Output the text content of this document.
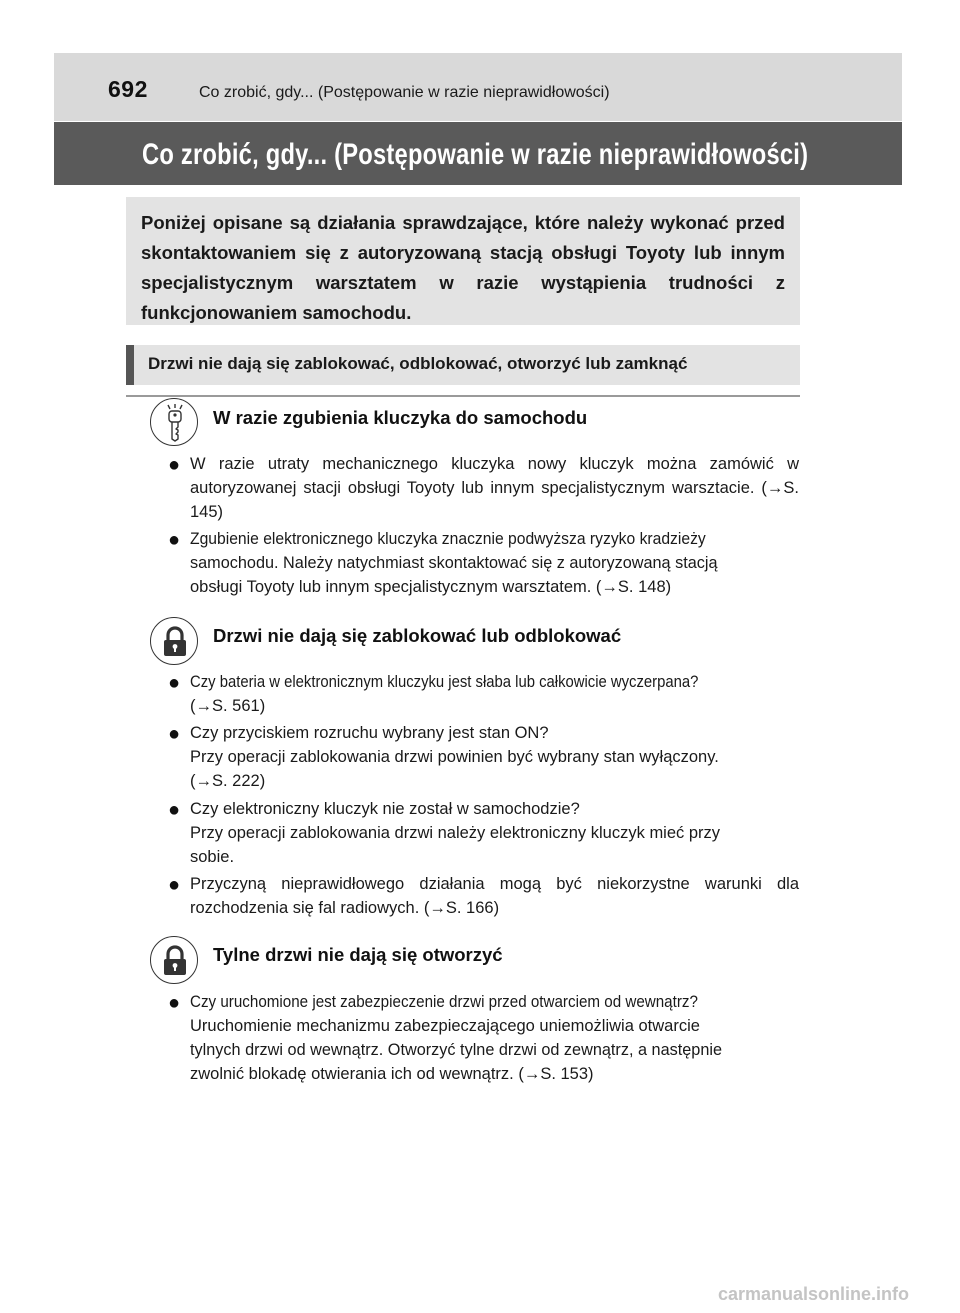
692	Co zrobić, gdy... (Postępowanie w razie nieprawidłowości)
Co zrobić, gdy... (Postępowanie w razie nieprawidłowości)
Poniżej opisane są działania sprawdzające, które należy wykonać przed skontaktowaniem się z autoryzowaną stacją obsługi Toyoty lub innym specjalistycznym warsztatem w razie wystąpienia trudności z funkcjonowaniem samochodu.
Drzwi nie dają się zablokować, odblokować, otworzyć lub zamknąć
W razie zgubienia kluczyka do samochodu
● W razie utraty mechanicznego kluczyka nowy kluczyk można zamówić w autoryzowanej stacji obsługi Toyoty lub innym specjalistycznym warsztacie. (→S. 145)

● Zgubienie elektronicznego kluczyka znacznie podwyższa ryzyko kradzieży
samochodu. Należy natychmiast skontaktować się z autoryzowaną stacją
obsługi Toyoty lub innym specjalistycznym warsztatem. (→S. 148)

Drzwi nie dają się zablokować lub odblokować
● Czy bateria w elektronicznym kluczyku jest słaba lub całkowicie wyczerpana?
(→S. 561)

● Czy przyciskiem rozruchu wybrany jest stan ON?
Przy operacji zablokowania drzwi powinien być wybrany stan wyłączony.
(→S. 222)

● Czy elektroniczny kluczyk nie został w samochodzie?
Przy operacji zablokowania drzwi należy elektroniczny kluczyk mieć przy
sobie.

● Przyczyną nieprawidłowego działania mogą być niekorzystne warunki dla rozchodzenia się fal radiowych. (→S. 166)

Tylne drzwi nie dają się otworzyć
● Czy uruchomione jest zabezpieczenie drzwi przed otwarciem od wewnątrz?
Uruchomienie mechanizmu zabezpieczającego uniemożliwia otwarcie
tylnych drzwi od wewnątrz. Otworzyć tylne drzwi od zewnątrz, a następnie
zwolnić blokadę otwierania ich od wewnątrz. (→S. 153)

carmanualsonline.info
